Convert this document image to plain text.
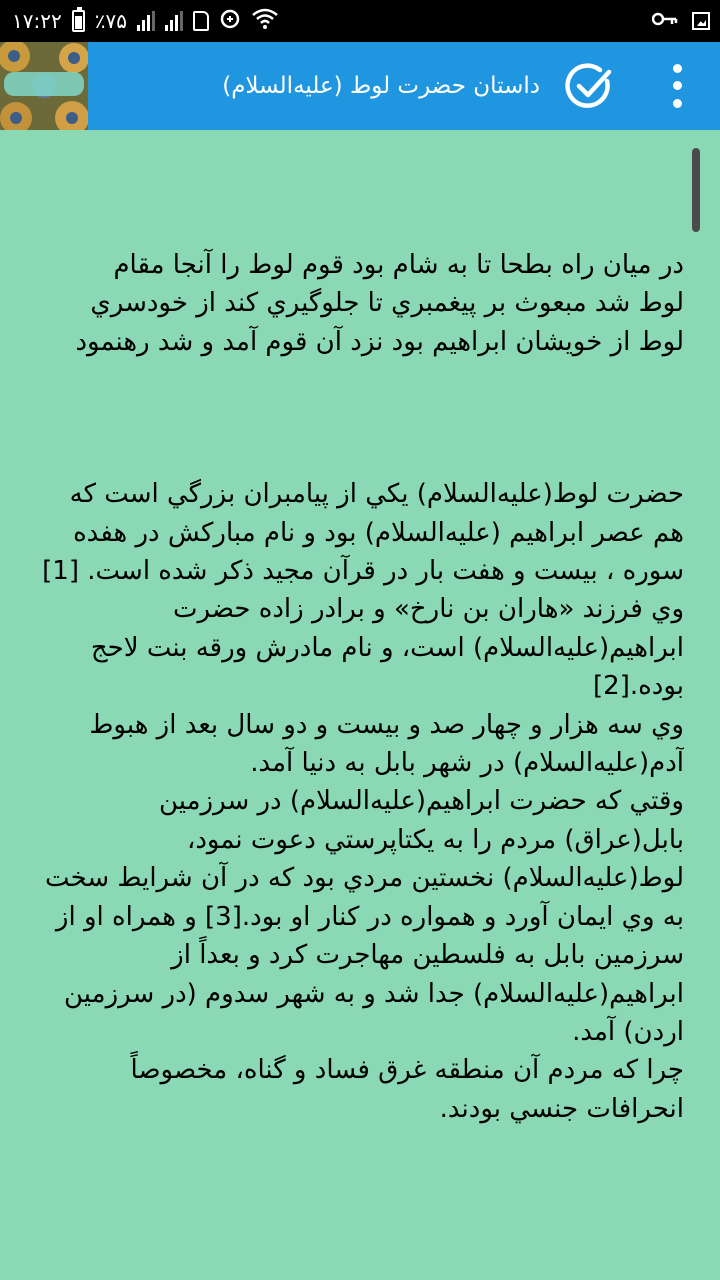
۱۷:۲۲ ٪۷۵
داستان حضرت لوط (عليه‌السلام)

در ميان راه بطحا تا به شام بود قوم لوط را آنجا مقام

لوط شد مبعوث بر پيغمبري تا جلوگيري كند از خودسري

لوط از خويشان ابراهيم بود نزد آن قوم آمد و شد رهنمود

حضرت لوط(عليه‌السلام) يكي از پيامبران بزرگي است كه هم عصر ابراهيم (عليه‌السلام) بود و نام مباركش در هفده سوره ، بيست و هفت بار در قرآن مجيد ذكر شده است. [1]

وي فرزند «هاران بن نارخ» و برادر زاده حضرت ابراهيم(عليه‌السلام) است، و نام مادرش ورقه بنت لاحج بوده.[2]

وي سه هزار و چهار صد و بيست و دو سال بعد از هبوط آدم(عليه‌السلام) در شهر بابل به دنيا آمد.

وقتي كه حضرت ابراهيم(عليه‌السلام) در سرزمين بابل(عراق) مردم را به يكتاپرستي دعوت نمود، لوط(عليه‌السلام) نخستين مردي بود كه در آن شرايط سخت به وي ايمان آورد و همواره در كنار او بود.[3] و همراه او از سرزمين بابل به فلسطين مهاجرت كرد و بعداً از ابراهيم(عليه‌السلام) جدا شد و به شهر سدوم (در سرزمين اردن) آمد.

چرا كه مردم آن منطقه غرق فساد و گناه، مخصوصاً انحرافات جنسي بودند.
